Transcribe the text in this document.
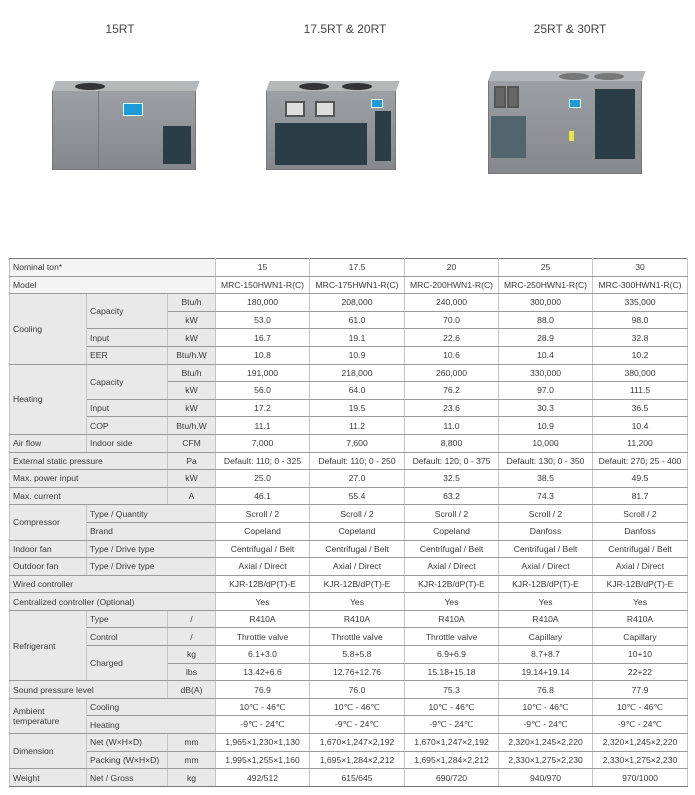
15RT	17.5RT & 20RT	25RT & 30RT
Nominal ton*			15	17.5	20	25	30
Model			MRC-150HWN1-R(C)	MRC-175HWN1-R(C)	MRC-200HWN1-R(C)	MRC-250HWN1-R(C)	MRC-300HWN1-R(C)
Cooling	Capacity	Btu/h	180,000	208,000	240,000	300,000	335,000
		kW	53.0	61.0	70.0	88.0	98.0
	Input	kW	16.7	19.1	22.6	28.9	32.8
	EER	Btu/h.W	10.8	10.9	10.6	10.4	10.2
Heating	Capacity	Btu/h	191,000	218,000	260,000	330,000	380,000
		kW	56.0	64.0	76.2	97.0	111.5
	Input	kW	17.2	19.5	23.6	30.3	36.5
	COP	Btu/h.W	11.1	11.2	11.0	10.9	10.4
Air flow	Indoor side	CFM	7,000	7,600	8,800	10,000	11,200
External static pressure		Pa	Default: 110; 0 - 325	Default: 110; 0 - 250	Default: 120; 0 - 375	Default: 130; 0 - 350	Default: 270; 25 - 400
Max. power input		kW	25.0	27.0	32.5	38.5	49.5
Max. current		A	46.1	55.4	63.2	74.3	81.7
Compressor	Type / Quantity		Scroll / 2	Scroll / 2	Scroll / 2	Scroll / 2	Scroll / 2
	Brand		Copeland	Copeland	Copeland	Danfoss	Danfoss
Indoor fan	Type / Drive type		Centrifugal / Belt	Centrifugal / Belt	Centrifugal / Belt	Centrifugal / Belt	Centrifugal / Belt
Outdoor fan	Type / Drive type		Axial / Direct	Axial / Direct	Axial / Direct	Axial / Direct	Axial / Direct
Wired controller			KJR-12B/dP(T)-E	KJR-12B/dP(T)-E	KJR-12B/dP(T)-E	KJR-12B/dP(T)-E	KJR-12B/dP(T)-E
Centralized controller (Optional)			Yes	Yes	Yes	Yes	Yes
Refrigerant	Type	/	R410A	R410A	R410A	R410A	R410A
	Control	/	Throttle valve	Throttle valve	Throttle valve	Capillary	Capillary
	Charged	kg	6.1+3.0	5.8+5.8	6.9+6.9	8.7+8.7	10+10
		lbs	13.42+6.6	12.76+12.76	15.18+15.18	19.14+19.14	22+22
Sound pressure level		dB(A)	76.9	76.0	75.3	76.8	77.9
Ambient temperature	Cooling		10℃ - 46℃	10℃ - 46℃	10℃ - 46℃	10℃ - 46℃	10℃ - 46℃
	Heating		-9℃ - 24℃	-9℃ - 24℃	-9℃ - 24℃	-9℃ - 24℃	-9℃ - 24℃
Dimension	Net (W×H×D)	mm	1,965×1,230×1,130	1,670×1,247×2,192	1,670×1,247×2,192	2,320×1,245×2,220	2,320×1,245×2,220
	Packing (W×H×D)	mm	1,995×1,255×1,160	1,695×1,284×2,212	1,695×1,284×2,212	2,330×1,275×2,230	2,330×1,275×2,230
Weight	Net / Gross	kg	492/512	615/645	690/720	940/970	970/1000
